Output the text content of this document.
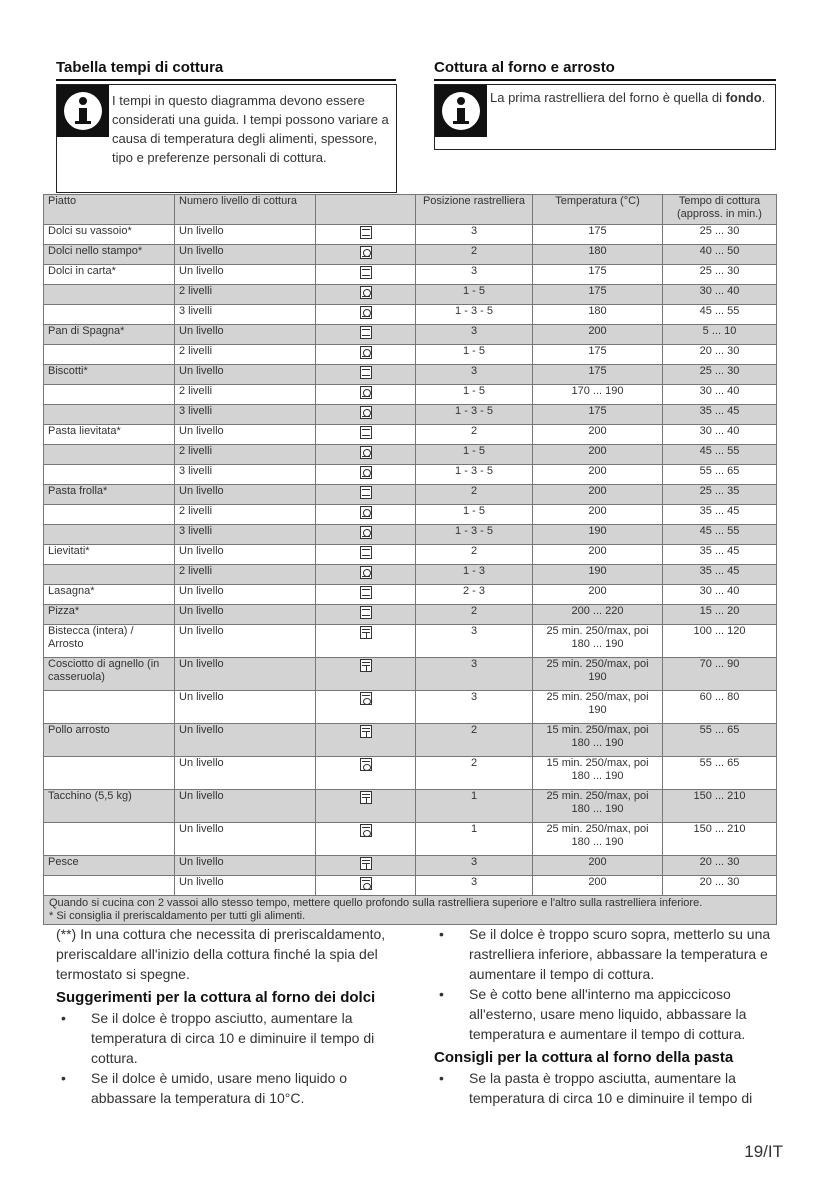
Tabella tempi di cottura	Cottura al forno e arrosto
I tempi in questo diagramma devono essere considerati una guida. I tempi possono variare a causa di temperatura degli alimenti, spessore, tipo e preferenze personali di cottura.
La prima rastrelliera del forno è quella di fondo.
Piatto	Numero livello di cottura		Posizione rastrelliera	Temperatura (°C)	Tempo di cottura (appross. in min.)
Dolci su vassoio*	Un livello		3	175	25 ... 30
Dolci nello stampo*	Un livello		2	180	40 ... 50
Dolci in carta*	Un livello		3	175	25 ... 30
	2 livelli		1 - 5	175	30 ... 40
	3 livelli		1 - 3 - 5	180	45 ... 55
Pan di Spagna*	Un livello		3	200	5 ... 10
	2 livelli		1 - 5	175	20 ... 30
Biscotti*	Un livello		3	175	25 ... 30
	2 livelli		1 - 5	170 ... 190	30 ... 40
	3 livelli		1 - 3 - 5	175	35 ... 45
Pasta lievitata*	Un livello		2	200	30 ... 40
	2 livelli		1 - 5	200	45 ... 55
	3 livelli		1 - 3 - 5	200	55 ... 65
Pasta frolla*	Un livello		2	200	25 ... 35
	2 livelli		1 - 5	200	35 ... 45
	3 livelli		1 - 3 - 5	190	45 ... 55
Lievitati*	Un livello		2	200	35 ... 45
	2 livelli		1 - 3	190	35 ... 45
Lasagna*	Un livello		2 - 3	200	30 ... 40
Pizza*	Un livello		2	200 ... 220	15 ... 20
Bistecca (intera) / Arrosto	Un livello		3	25 min. 250/max, poi 180 ... 190	100 ... 120
Cosciotto di agnello (in casseruola)	Un livello		3	25 min. 250/max, poi 190	70 ... 90
	Un livello		3	25 min. 250/max, poi 190	60 ... 80
Pollo arrosto	Un livello		2	15 min. 250/max, poi 180 ... 190	55 ... 65
	Un livello		2	15 min. 250/max, poi 180 ... 190	55 ... 65
Tacchino (5,5 kg)	Un livello		1	25 min. 250/max, poi 180 ... 190	150 ... 210
	Un livello		1	25 min. 250/max, poi 180 ... 190	150 ... 210
Pesce	Un livello		3	200	20 ... 30
	Un livello		3	200	20 ... 30

Quando si cucina con 2 vassoi allo stesso tempo, mettere quello profondo sulla rastrelliera superiore e l'altro sulla rastrelliera inferiore.
* Si consiglia il preriscaldamento per tutti gli alimenti.					

(**) In una cottura che necessita di preriscaldamento, preriscaldare all'inizio della cottura finché la spia del termostato si spegne.

Suggerimenti per la cottura al forno dei dolci

• Se il dolce è troppo asciutto, aumentare la temperatura di circa 10 e diminuire il tempo di cottura.
• Se il dolce è umido, usare meno liquido o abbassare la temperatura di 10°C.
• Se il dolce è troppo scuro sopra, metterlo su una rastrelliera inferiore, abbassare la temperatura e aumentare il tempo di cottura.
• Se è cotto bene all'interno ma appiccicoso all'esterno, usare meno liquido, abbassare la temperatura e aumentare il tempo di cottura.

Consigli per la cottura al forno della pasta

• Se la pasta è troppo asciutta, aumentare la temperatura di circa 10 e diminuire il tempo di
19/IT
